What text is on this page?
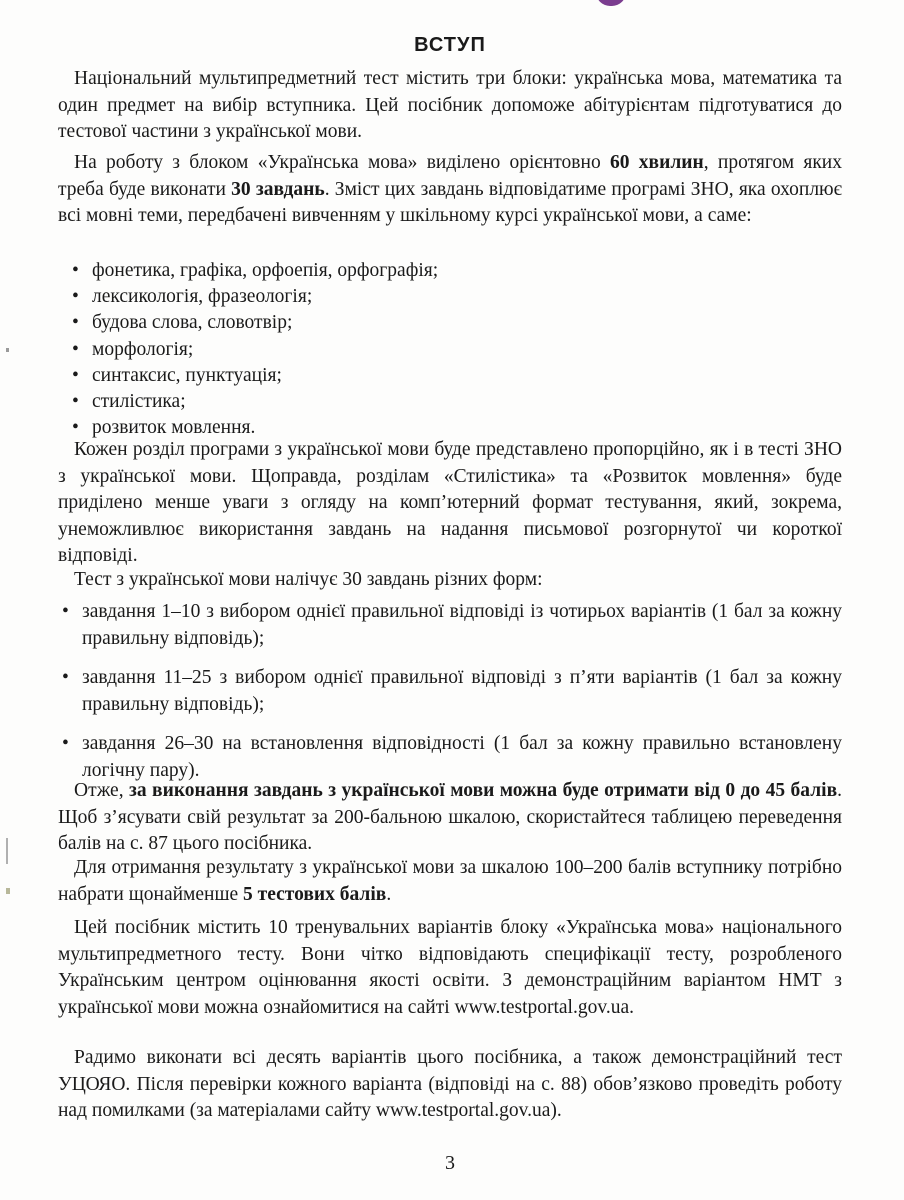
ВСТУП

Національний мультипредметний тест містить три блоки: українська мова, математика та один предмет на вибір вступника. Цей посібник допоможе абітурієнтам підготуватися до тестової частини з української мови.

На роботу з блоком «Українська мова» виділено орієнтовно 60 хвилин, протягом яких треба буде виконати 30 завдань. Зміст цих завдань відповідатиме програмі ЗНО, яка охоплює всі мовні теми, передбачені вивченням у шкільному курсі української мови, а саме:

• фонетика, графіка, орфоепія, орфографія;
• лексикологія, фразеологія;
• будова слова, словотвір;
• морфологія;
• синтаксис, пунктуація;
• стилістика;
• розвиток мовлення.

Кожен розділ програми з української мови буде представлено пропорційно, як і в тесті ЗНО з української мови. Щоправда, розділам «Стилістика» та «Розвиток мовлення» буде приділено менше уваги з огляду на комп’ютерний формат тестування, який, зокрема, унеможливлює використання завдань на надання письмової розгорнутої чи короткої відповіді.

Тест з української мови налічує 30 завдань різних форм:

• завдання 1–10 з вибором однієї правильної відповіді із чотирьох варіантів (1 бал за кожну правильну відповідь);
• завдання 11–25 з вибором однієї правильної відповіді з п’яти варіантів (1 бал за кожну правильну відповідь);
• завдання 26–30 на встановлення відповідності (1 бал за кожну правильно встановлену логічну пару).

Отже, за виконання завдань з української мови можна буде отримати від 0 до 45 балів. Щоб з’ясувати свій результат за 200-бальною шкалою, скористайтеся таблицею переведення балів на с. 87 цього посібника.

Для отримання результату з української мови за шкалою 100–200 балів вступнику потрібно набрати щонайменше 5 тестових балів.

Цей посібник містить 10 тренувальних варіантів блоку «Українська мова» національного мультипредметного тесту. Вони чітко відповідають специфікації тесту, розробленого Українським центром оцінювання якості освіти. З демонстраційним варіантом НМТ з української мови можна ознайомитися на сайті www.testportal.gov.ua.

Радимо виконати всі десять варіантів цього посібника, а також демонстраційний тест УЦОЯО. Після перевірки кожного варіанта (відповіді на с. 88) обов’язково проведіть роботу над помилками (за матеріалами сайту www.testportal.gov.ua).

3
